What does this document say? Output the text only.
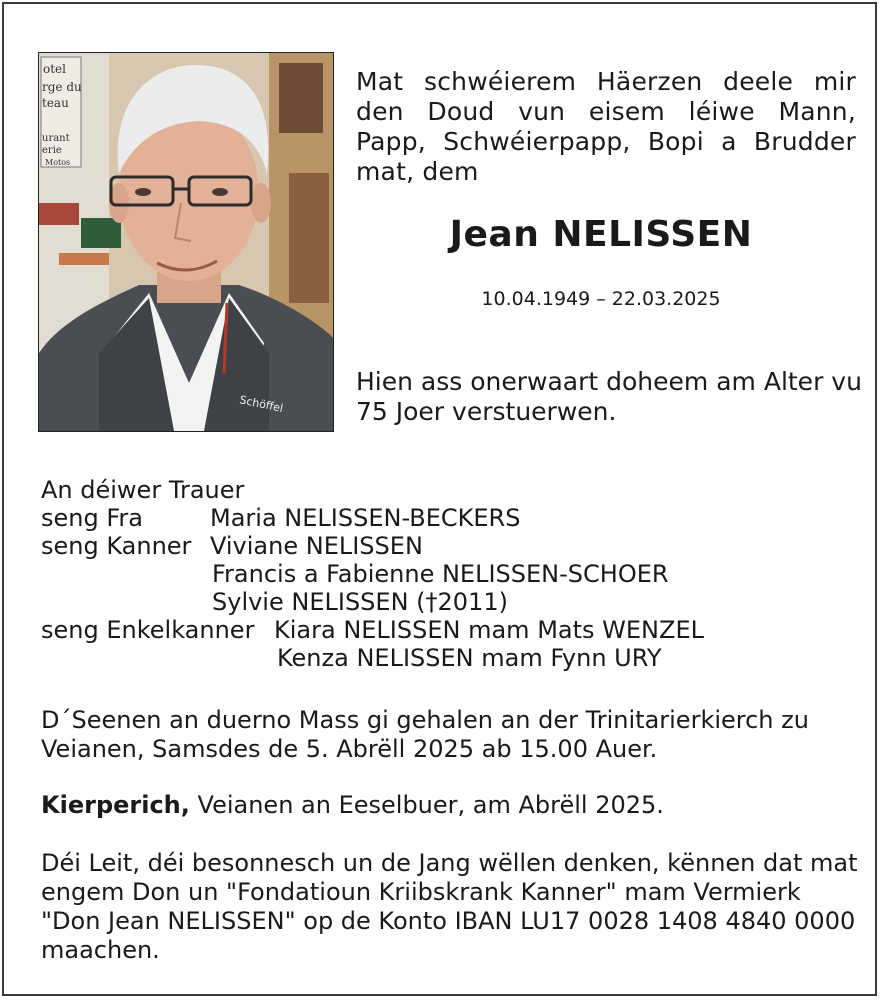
otel
rge du
teau
urant
erie
Motos
Schöffel
Mat schwéierem Häerzen deele mir den Doud vun eisem léiwe Mann, Papp, Schwéierpapp, Bopi a Brudder mat, dem
Jean NELISSEN
10.04.1949 – 22.03.2025
Hien ass onerwaart doheem am Alter vu 75 Joer verstuerwen.
An déiwer Trauer
seng Fra	Maria NELISSEN-BECKERS
seng Kanner Viviane NELISSEN
Francis a Fabienne NELISSEN-SCHOER
Sylvie NELISSEN (†2011)
seng Enkelkanner Kiara NELISSEN mam Mats WENZEL
Kenza NELISSEN mam Fynn URY
D´Seenen an duerno Mass gi gehalen an der Trinitarierkierch zu Veianen, Samsdes de 5. Abrëll 2025 ab 15.00 Auer.
Kierperich, Veianen an Eeselbuer, am Abrëll 2025.
Déi Leit, déi besonnesch un de Jang wëllen denken, kënnen dat mat engem Don un "Fondatioun Kriibskrank Kanner" mam Vermierk "Don Jean NELISSEN" op de Konto IBAN LU17 0028 1408 4840 0000 maachen.
